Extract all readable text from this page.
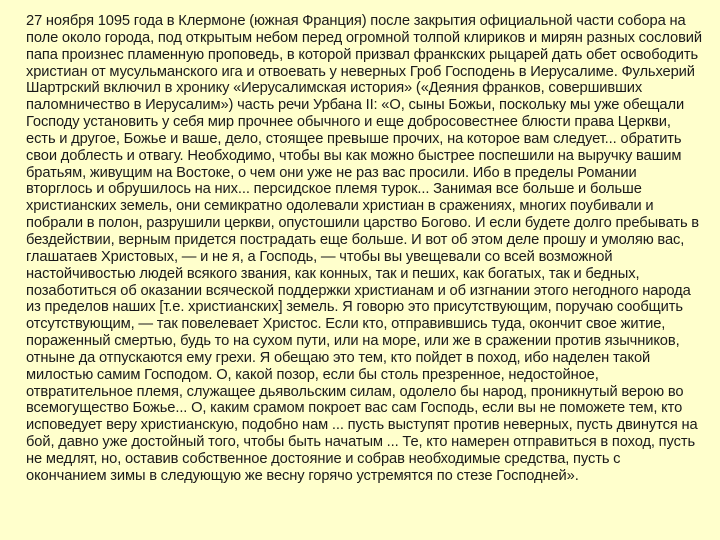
27 ноября 1095 года в Клермоне (южная Франция) после закрытия официальной части собора на поле около города, под открытым небом перед огромной толпой клириков и мирян разных сословий папа произнес пламенную проповедь, в которой призвал франкских рыцарей дать обет освободить христиан от мусульманского ига и отвоевать у неверных Гроб Господень в Иерусалиме. Фульхерий Шартрский включил в хронику «Иерусалимская история» («Деяния франков, совершивших паломничество в Иерусалим») часть речи Урбана II: «О, сыны Божьи, поскольку мы уже обещали Господу установить у себя мир прочнее обычного и еще добросовестнее блюсти права Церкви, есть и другое, Божье и ваше, дело, стоящее превыше прочих, на которое вам следует... обратить свои доблесть и отвагу. Необходимо, чтобы вы как можно быстрее поспешили на выручку вашим братьям, живущим на Востоке, о чем они уже не раз вас просили. Ибо в пределы Романии вторглось и обрушилось на них... персидское племя турок... Занимая все больше и больше христианских земель, они семикратно одолевали христиан в сражениях, многих поубивали и побрали в полон, разрушили церкви, опустошили царство Богово. И если будете долго пребывать в бездействии, верным придется пострадать еще больше. И вот об этом деле прошу и умоляю вас, глашатаев Христовых, — и не я, а Господь, — чтобы вы увещевали со всей возможной настойчивостью людей всякого звания, как конных, так и пеших, как богатых, так и бедных, позаботиться об оказании всяческой поддержки христианам и об изгнании этого негодного народа из пределов наших [т.е. христианских] земель. Я говорю это присутствующим, поручаю сообщить отсутствующим, — так повелевает Христос. Если кто, отправившись туда, окончит свое житие, пораженный смертью, будь то на сухом пути, или на море, или же в сражении против язычников, отныне да отпускаются ему грехи. Я обещаю это тем, кто пойдет в поход, ибо наделен такой милостью самим Господом. О, какой позор, если бы столь презренное, недостойное, отвратительное племя, служащее дьявольским силам, одолело бы народ, проникнутый верою во всемогущество Божье... О, каким срамом покроет вас сам Господь, если вы не поможете тем, кто исповедует веру христианскую, подобно нам ... пусть выступят против неверных, пусть двинутся на бой, давно уже достойный того, чтобы быть начатым ... Те, кто намерен отправиться в поход, пусть не медлят, но, оставив собственное достояние и собрав необходимые средства, пусть с окончанием зимы в следующую же весну горячо устремятся по стезе Господней».
